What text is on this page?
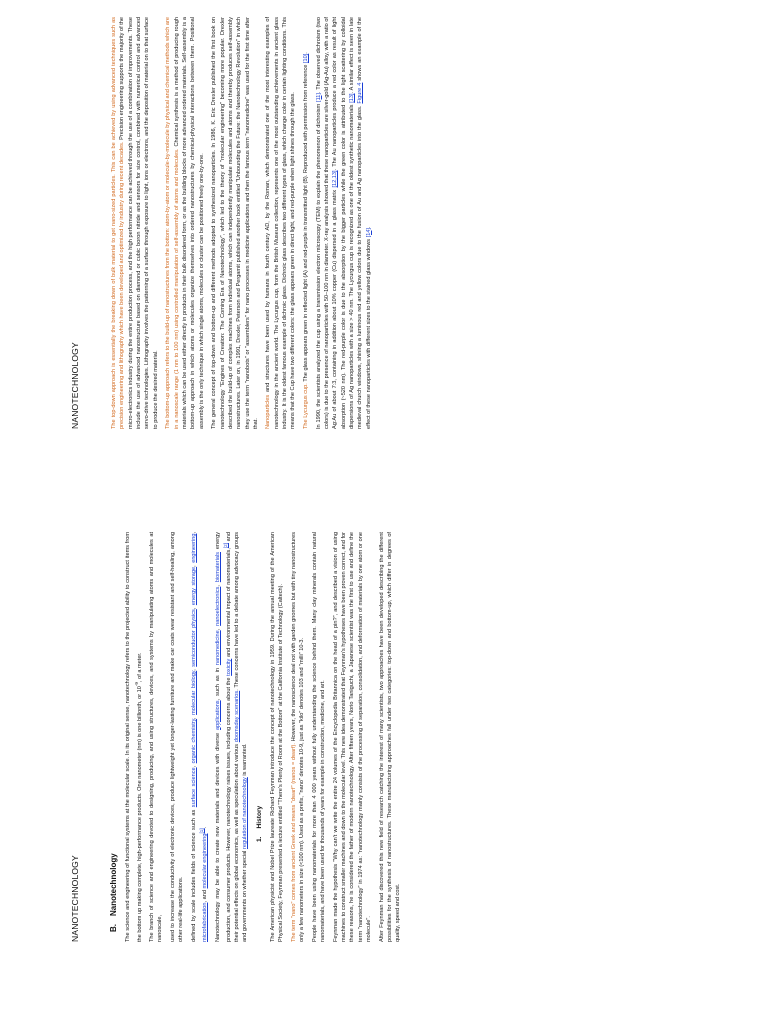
NANOTECHNOLOGY	B.Nanotechnology The science and engineering of functional systems at the molecular scale. In its original sense, nanotechnology refers to the projected ability to construct items from the bottom up making complete, high-performance products. One nanometer (nm) is one billionth, or $10^{-9}$, of a meter. The branch of science and engineering devoted to designing, producing, and using structures, devices, and systems by manipulating atoms and molecules at nanoscale, used to increase the conductivity of electronic devices, produce lightweight yet longer-lasting furniture and make car coats wear resistant and self-healing, among other real-life applications. defined by scale includes fields of science such as surface science, organic chemistry, molecular biology, semiconductor physics, energy storage, engineering, microfabrication, and molecular engineering[1]. Nanotechnology may be able to create new materials and devices with diverse applications, such as in nanomedicine, nanoelectronics, biomaterials energy production, and consumer products. However, nanotechnology raises issues, including concerns about the toxicity and environmental impact of nanomaterials,[2] and their potential effects on global economics, as well as speculation about various doomsday scenarios. These concerns have led to a debate among advocacy groups and governments on whether special regulation of nanotechnology is warranted.

1.History The American physicist and Nobel Prize laureate Richard Feynman introduce the concept of nanotechnology in 1959. During the annual meeting of the American Physical Society, Feynman presented a lecture entitled "There's Plenty of Room at the Bottom" at the California Institute of Technology (Caltech). The term "nano" comes from ancient Greek and means "dwarf" (nanos = dwarf). However, the nanoscience deal not with garden gnomes but with tiny nanostructures only a few nanometers in size (<100 nm). Used as a prefix, "nano" denotes 10-9, just as "kilo" denotes 103 and "milli" 10-3. People have been using nanomaterials for more than 4 000 years without fully understanding the science behind them. Many clay minerals contain natural nanomaterials, and have been used for thousands of years for example in construction, medicine, and art. Feynman made the hypothesis "Why can't we write the entire 24 volumes of the Encyclopedia Britannica on the head of a pin?", and described a vision of using machines to construct smaller machines and down to the molecular level. This new idea demonstrated that Feynman's hypotheses have been proven correct, and for these reasons, he is considered the father of modern nanotechnology. After fifteen years, Norio Taniguchi, a Japanese scientist was the first to use and define the term "nanotechnology" in 1974 as: "nanotechnology mainly consists of the processing of separation, consolidation, and deformation of materials by one atom or one molecule". After Feynman had discovered this new field of research catching the interest of many scientists, two approaches have been developed describing the different possibilities for the synthesis of nanostructures. These manufacturing approaches fall under two categories: top-down and bottom-up, which differ in degrees of quality, speed and cost.

NANOTECHNOLOGY	The top-down approach is essentially the breaking down of bulk material to get nano-sized particles. This can be achieved by using advanced techniques such as precision engineering and lithography which have been developed and optimized by industry during recent decades. Precision engineering supports the majority of the micro-electronics industry during the entire production process, and the high performance can be achieved through the use of a combination of improvements. These include the use of advanced nanostructure based on diamond or cubic boron nitride and sensors for size control, combined with numerical control and advanced servo-drive technologies. Lithography involves the patterning of a surface through exposure to light, ions or electrons, and the deposition of material on to that surface to produce the desired material. The bottom-up approach refers to the build-up of nanostructures from the bottom: atom-by-atom or molecule-by-molecule by physical and chemical methods which are in a nanoscale range (1 nm to 100 nm) using controlled manipulation of self-assembly of atoms and molecules. Chemical synthesis is a method of producing rough materials which can be used either directly in products in their bulk disordered form, or as the building blocks of more advanced ordered materials. Self-assembly is a bottom-up approach in which atoms or molecules organize themselves into ordered nanostructures by chemical-physical interactions between them. Positional assembly is the only technique in which single atoms, molecules or cluster can be positioned freely one-by-one. The general concept of top-down and bottom-up and different methods adopted to synthesized nanoparticles. In 1986, K. Eric Drexler published the first book on nanotechnology "Engines of Creation: The Coming Era of Nanotechnology", which led to the theory of "molecular engineering" becoming more popular. Drexler described the build-up of complex machines from individual atoms, which can independently manipulate molecules and atoms and thereby produces self-assembly nanostructures. Later on, in 1991, Drexler, Peterson and Pergamit published another book entitled "Unbounding the Future: the Nanotechnology Revolution" in which they use the term "nanobots" or "assemblers" for nano processes in medicine applications and then the famous term "nanomedicine" was used for the first time after that. Nanoparticles and structures have been used by humans in fourth century AD, by the Roman, which demonstrated one of the most interesting examples of nanotechnology in the ancient world. The Lycurgus cup, from the British Museum collection, represents one of the most outstanding achievements in ancient glass industry. It is the oldest famous example of dichroic glass. Dichroic glass describes two different types of glass, which change color in certain lighting conditions. This means that the Cup have two different colors: the glass appears green in direct light, and red-purple when light shines through the glass. The Lycurgus cup. The glass appears green in reflected light (A) and red-purple in transmitted light (B). Reproduced with permission from reference [10].

In 1990, the scientists analyzed the cup using a transmission electron microscopy (TEM) to explain the phenomenon of dichroism [11]. The observed dichroism (two colors) is due to the presence of nanoparticles with 50–100 nm in diameter. X-ray analysis showed that these nanoparticles are silver-gold (Ag-Au) alloy, with a ratio of Ag:Au of about 7:3, containing in addition about 10% copper (Cu) dispersed in a glass matrix [12,13]. The Au nanoparticles produce a red color as result of light absorption (~520 nm). The red-purple color is due to the absorption by the bigger particles while the green color is attributed to the light scattering by colloidal dispersions of Ag nanoparticles with a size > 40 nm. The Lycurgus cup is recognized as one of the oldest synthetic nanomaterials [13]. A similar effect is seen in late medieval church windows, shining a luminous red and yellow colors due to the fusion of Au and Ag nanoparticles into the glass. Figure 4 shows an example of the effect of these nanoparticles with different sizes to the stained glass windows [14].
